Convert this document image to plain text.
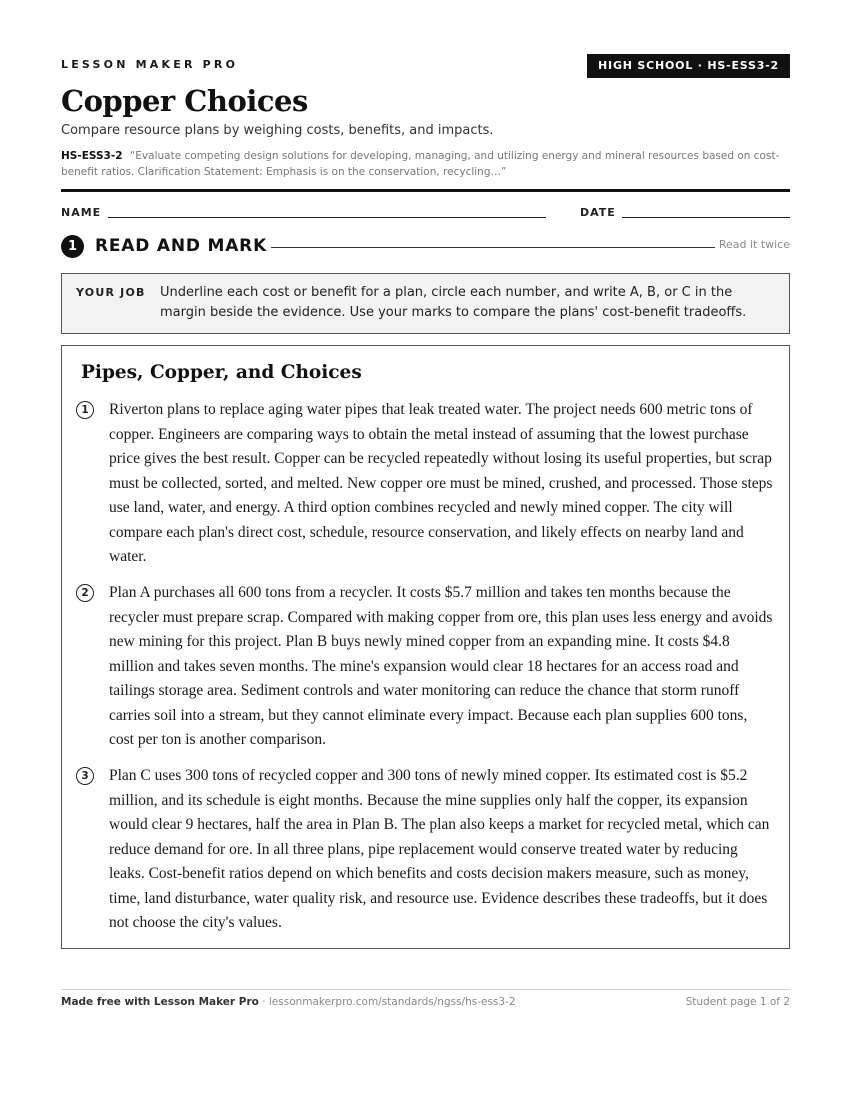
LESSON MAKER PRO	HIGH SCHOOL · HS-ESS3-2
Copper Choices
Compare resource plans by weighing costs, benefits, and impacts.
HS-ESS3-2 “Evaluate competing design solutions for developing, managing, and utilizing energy and mineral resources based on cost-benefit ratios. Clarification Statement: Emphasis is on the conservation, recycling…”
NAME	DATE
1	READ AND MARK	Read it twice
YOUR JOB Underline each cost or benefit for a plan, circle each number, and write A, B, or C in the margin beside the evidence. Use your marks to compare the plans' cost-benefit tradeoffs.
Pipes, Copper, and Choices
1	Riverton plans to replace aging water pipes that leak treated water. The project needs 600 metric tons of copper. Engineers are comparing ways to obtain the metal instead of assuming that the lowest purchase price gives the best result. Copper can be recycled repeatedly without losing its useful properties, but scrap must be collected, sorted, and melted. New copper ore must be mined, crushed, and processed. Those steps use land, water, and energy. A third option combines recycled and newly mined copper. The city will compare each plan's direct cost, schedule, resource conservation, and likely effects on nearby land and water.
2	Plan A purchases all 600 tons from a recycler. It costs $5.7 million and takes ten months because the recycler must prepare scrap. Compared with making copper from ore, this plan uses less energy and avoids new mining for this project. Plan B buys newly mined copper from an expanding mine. It costs $4.8 million and takes seven months. The mine's expansion would clear 18 hectares for an access road and tailings storage area. Sediment controls and water monitoring can reduce the chance that storm runoff carries soil into a stream, but they cannot eliminate every impact. Because each plan supplies 600 tons, cost per ton is another comparison.
3	Plan C uses 300 tons of recycled copper and 300 tons of newly mined copper. Its estimated cost is $5.2 million, and its schedule is eight months. Because the mine supplies only half the copper, its expansion would clear 9 hectares, half the area in Plan B. The plan also keeps a market for recycled metal, which can reduce demand for ore. In all three plans, pipe replacement would conserve treated water by reducing leaks. Cost-benefit ratios depend on which benefits and costs decision makers measure, such as money, time, land disturbance, water quality risk, and resource use. Evidence describes these tradeoffs, but it does not choose the city's values.
Made free with Lesson Maker Pro · lessonmakerpro.com/standards/ngss/hs-ess3-2	Student page 1 of 2
